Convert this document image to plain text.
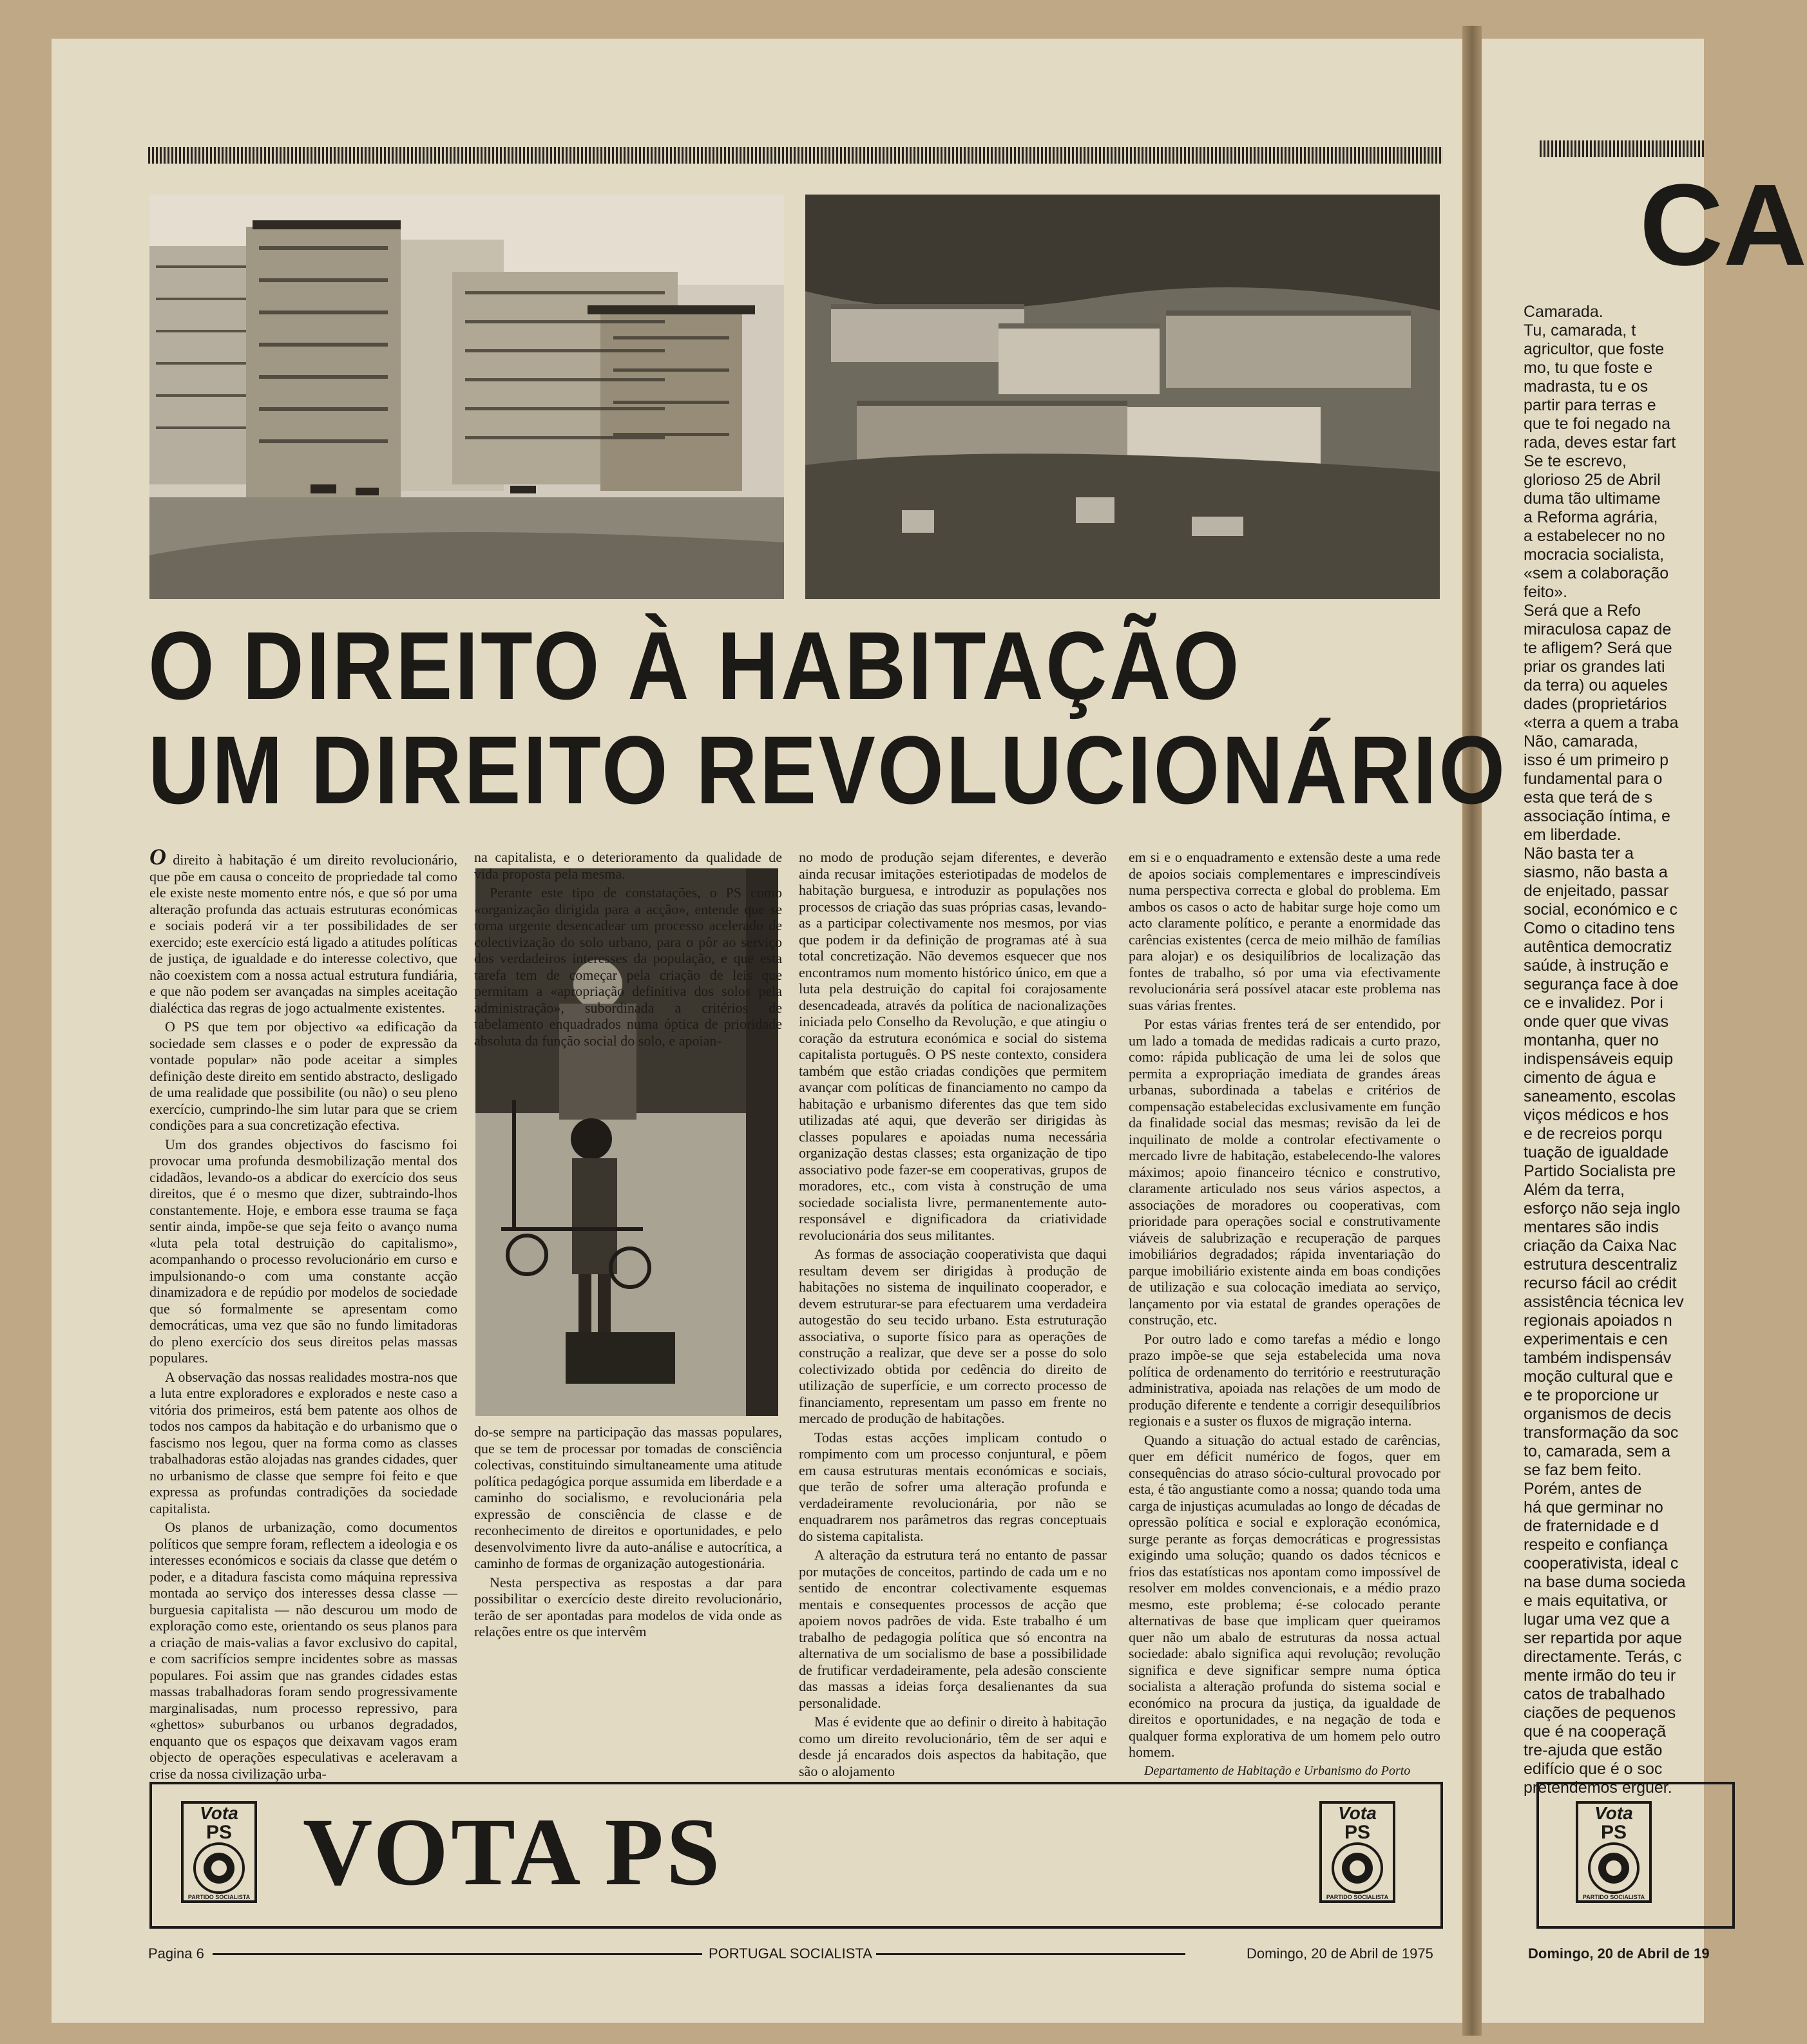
O DIREITO À HABITAÇÃO
UM DIREITO REVOLUCIONÁRIO

O direito à habitação é um direito revolucionário, que põe em causa o conceito de propriedade tal como ele existe neste momento entre nós, e que só por uma alteração profunda das actuais estruturas económicas e sociais poderá vir a ter possibilidades de ser exercido; este exercício está ligado a atitudes políticas de justiça, de igualdade e do interesse colectivo, que não coexistem com a nossa actual estrutura fundiária, e que não podem ser avançadas na simples aceitação dialéctica das regras de jogo actualmente existentes.

O PS que tem por objectivo «a edificação da sociedade sem classes e o poder de expressão da vontade popular» não pode aceitar a simples definição deste direito em sentido abstracto, desligado de uma realidade que possibilite (ou não) o seu pleno exercício, cumprindo-lhe sim lutar para que se criem condições para a sua concretização efectiva.

Um dos grandes objectivos do fascismo foi provocar uma profunda desmobilização mental dos cidadãos, levando-os a abdicar do exercício dos seus direitos, que é o mesmo que dizer, subtraindo-lhos constantemente. Hoje, e embora esse trauma se faça sentir ainda, impõe-se que seja feito o avanço numa «luta pela total destruição do capitalismo», acompanhando o processo revolucionário em curso e impulsionando-o com uma constante acção dinamizadora e de repúdio por modelos de sociedade que só formalmente se apresentam como democráticas, uma vez que são no fundo limitadoras do pleno exercício dos seus direitos pelas massas populares.

A observação das nossas realidades mostra-nos que a luta entre exploradores e explorados e neste caso a vitória dos primeiros, está bem patente aos olhos de todos nos campos da habitação e do urbanismo que o fascismo nos legou, quer na forma como as classes trabalhadoras estão alojadas nas grandes cidades, quer no urbanismo de classe que sempre foi feito e que expressa as profundas contradições da sociedade capitalista.

Os planos de urbanização, como documentos políticos que sempre foram, reflectem a ideologia e os interesses económicos e sociais da classe que detém o poder, e a ditadura fascista como máquina repressiva montada ao serviço dos interesses dessa classe — burguesia capitalista — não descurou um modo de exploração como este, orientando os seus planos para a criação de mais-valias a favor exclusivo do capital, e com sacrifícios sempre incidentes sobre as massas populares. Foi assim que nas grandes cidades estas massas trabalhadoras foram sendo progressivamente marginalisadas, num processo repressivo, para «ghettos» suburbanos ou urbanos degradados, enquanto que os espaços que deixavam vagos eram objecto de operações especulativas e aceleravam a crise da nossa civilização urba-

na capitalista, e o deterioramento da qualidade de vida proposta pela mesma.

Perante este tipo de constatações, o PS como «organização dirigida para a acção», entende que se torna urgente desencadear um processo acelerado de colectivização do solo urbano, para o pôr ao serviço dos verdadeiros interesses da população, e que esta tarefa tem de começar pela criação de leis que permitam a «apropriação definitiva dos solos pela administração», subordinada a critérios de tabelamento enquadrados numa óptica de prioridade absoluta da função social do solo, e apoian-

do-se sempre na participação das massas populares, que se tem de processar por tomadas de consciência colectivas, constituindo simultaneamente uma atitude política pedagógica porque assumida em liberdade e a caminho do socialismo, e revolucionária pela expressão de consciência de classe e de reconhecimento de direitos e oportunidades, e pelo desenvolvimento livre da auto-análise e autocrítica, a caminho de formas de organização autogestionária.

Nesta perspectiva as respostas a dar para possibilitar o exercício deste direito revolucionário, terão de ser apontadas para modelos de vida onde as relações entre os que intervêm

no modo de produção sejam diferentes, e deverão ainda recusar imitações esteriotipadas de modelos de habitação burguesa, e introduzir as populações nos processos de criação das suas próprias casas, levando-as a participar colectivamente nos mesmos, por vias que podem ir da definição de programas até à sua total concretização. Não devemos esquecer que nos encontramos num momento histórico único, em que a luta pela destruição do capital foi corajosamente desencadeada, através da política de nacionalizações iniciada pelo Conselho da Revolução, e que atingiu o coração da estrutura económica e social do sistema capitalista português. O PS neste contexto, considera também que estão criadas condições que permitem avançar com políticas de financiamento no campo da habitação e urbanismo diferentes das que tem sido utilizadas até aqui, que deverão ser dirigidas às classes populares e apoiadas numa necessária organização destas classes; esta organização de tipo associativo pode fazer-se em cooperativas, grupos de moradores, etc., com vista à construção de uma sociedade socialista livre, permanentemente auto-responsável e dignificadora da criatividade revolucionária dos seus militantes.

As formas de associação cooperativista que daqui resultam devem ser dirigidas à produção de habitações no sistema de inquilinato cooperador, e devem estruturar-se para efectuarem uma verdadeira autogestão do seu tecido urbano. Esta estruturação associativa, o suporte físico para as operações de construção a realizar, que deve ser a posse do solo colectivizado obtida por cedência do direito de utilização de superfície, e um correcto processo de financiamento, representam um passo em frente no mercado de produção de habitações.

Todas estas acções implicam contudo o rompimento com um processo conjuntural, e põem em causa estruturas mentais económicas e sociais, que terão de sofrer uma alteração profunda e verdadeiramente revolucionária, por não se enquadrarem nos parâmetros das regras conceptuais do sistema capitalista.

A alteração da estrutura terá no entanto de passar por mutações de conceitos, partindo de cada um e no sentido de encontrar colectivamente esquemas mentais e consequentes processos de acção que apoiem novos padrões de vida. Este trabalho é um trabalho de pedagogia política que só encontra na alternativa de um socialismo de base a possibilidade de frutificar verdadeiramente, pela adesão consciente das massas a ideias força desalienantes da sua personalidade.

Mas é evidente que ao definir o direito à habitação como um direito revolucionário, têm de ser aqui e desde já encarados dois aspectos da habitação, que são o alojamento

em si e o enquadramento e extensão deste a uma rede de apoios sociais complementares e imprescindíveis numa perspectiva correcta e global do problema. Em ambos os casos o acto de habitar surge hoje como um acto claramente político, e perante a enormidade das carências existentes (cerca de meio milhão de famílias para alojar) e os desiquilíbrios de localização das fontes de trabalho, só por uma via efectivamente revolucionária será possível atacar este problema nas suas várias frentes.

Por estas várias frentes terá de ser entendido, por um lado a tomada de medidas radicais a curto prazo, como: rápida publicação de uma lei de solos que permita a expropriação imediata de grandes áreas urbanas, subordinada a tabelas e critérios de compensação estabelecidas exclusivamente em função da finalidade social das mesmas; revisão da lei de inquilinato de molde a controlar efectivamente o mercado livre de habitação, estabelecendo-lhe valores máximos; apoio financeiro técnico e construtivo, claramente articulado nos seus vários aspectos, a associações de moradores ou cooperativas, com prioridade para operações social e construtivamente viáveis de salubrização e recuperação de parques imobiliários degradados; rápida inventariação do parque imobiliário existente ainda em boas condições de utilização e sua colocação imediata ao serviço, lançamento por via estatal de grandes operações de construção, etc.

Por outro lado e como tarefas a médio e longo prazo impõe-se que seja estabelecida uma nova política de ordenamento do território e reestruturação administrativa, apoiada nas relações de um modo de produção diferente e tendente a corrigir desequilíbrios regionais e a suster os fluxos de migração interna.

Quando a situação do actual estado de carências, quer em déficit numérico de fogos, quer em consequências do atraso sócio-cultural provocado por esta, é tão angustiante como a nossa; quando toda uma carga de injustiças acumuladas ao longo de décadas de opressão política e social e exploração económica, surge perante as forças democráticas e progressistas exigindo uma solução; quando os dados técnicos e frios das estatísticas nos apontam como impossível de resolver em moldes convencionais, e a médio prazo mesmo, este problema; é-se colocado perante alternativas de base que implicam quer queiramos quer não um abalo de estruturas da nossa actual sociedade: abalo significa aqui revolução; revolução significa e deve significar sempre numa óptica socialista a alteração profunda do sistema social e económico na procura da justiça, da igualdade de direitos e oportunidades, e na negação de toda e qualquer forma explorativa de um homem pelo outro homem.

Departamento de Habitação e Urbanismo do Porto

VOTA PS
Vota
PS
PARTIDO SOCIALISTA
Vota
PS
PARTIDO SOCIALISTA
Pagina 6	PORTUGAL SOCIALISTA	Domingo, 20 de Abril de 1975
CA

Camarada.

Tu, camarada, t

agricultor, que foste

mo, tu que foste e

madrasta, tu e os

partir para terras e

que te foi negado na

rada, deves estar fart

Se te escrevo,

glorioso 25 de Abril

duma tão ultimame

a Reforma agrária,

a estabelecer no no

mocracia socialista,

«sem a colaboração

feito».

Será que a Refo

miraculosa capaz de

te afligem? Será que

priar os grandes lati

da terra) ou aqueles

dades (proprietários

«terra a quem a traba

Não, camarada,

isso é um primeiro p

fundamental para o

esta que terá de s

associação íntima, e

em liberdade.

Não basta ter a

siasmo, não basta a

de enjeitado, passar

social, económico e c

Como o citadino tens

autêntica democratiz

saúde, à instrução e

segurança face à doe

ce e invalidez. Por i

onde quer que vivas

montanha, quer no

indispensáveis equip

cimento de água e

saneamento, escolas

viços médicos e hos

e de recreios porqu

tuação de igualdade

Partido Socialista pre

Além da terra,

esforço não seja inglo

mentares são indis

criação da Caixa Nac

estrutura descentraliz

recurso fácil ao crédit

assistência técnica lev

regionais apoiados n

experimentais e cen

também indispensáv

moção cultural que e

e te proporcione ur

organismos de decis

transformação da soc

to, camarada, sem a

se faz bem feito.

Porém, antes de

há que germinar no

de fraternidade e d

respeito e confiança

cooperativista, ideal c

na base duma socieda

e mais equitativa, or

lugar uma vez que a

ser repartida por aque

directamente. Terás, c

mente irmão do teu ir

catos de trabalhado

ciações de pequenos

que é na cooperaçã

tre-ajuda que estão

edifício que é o soc

pretendemos erguer.

Vota
PS
PARTIDO SOCIALISTA
Domingo, 20 de Abril de 19
